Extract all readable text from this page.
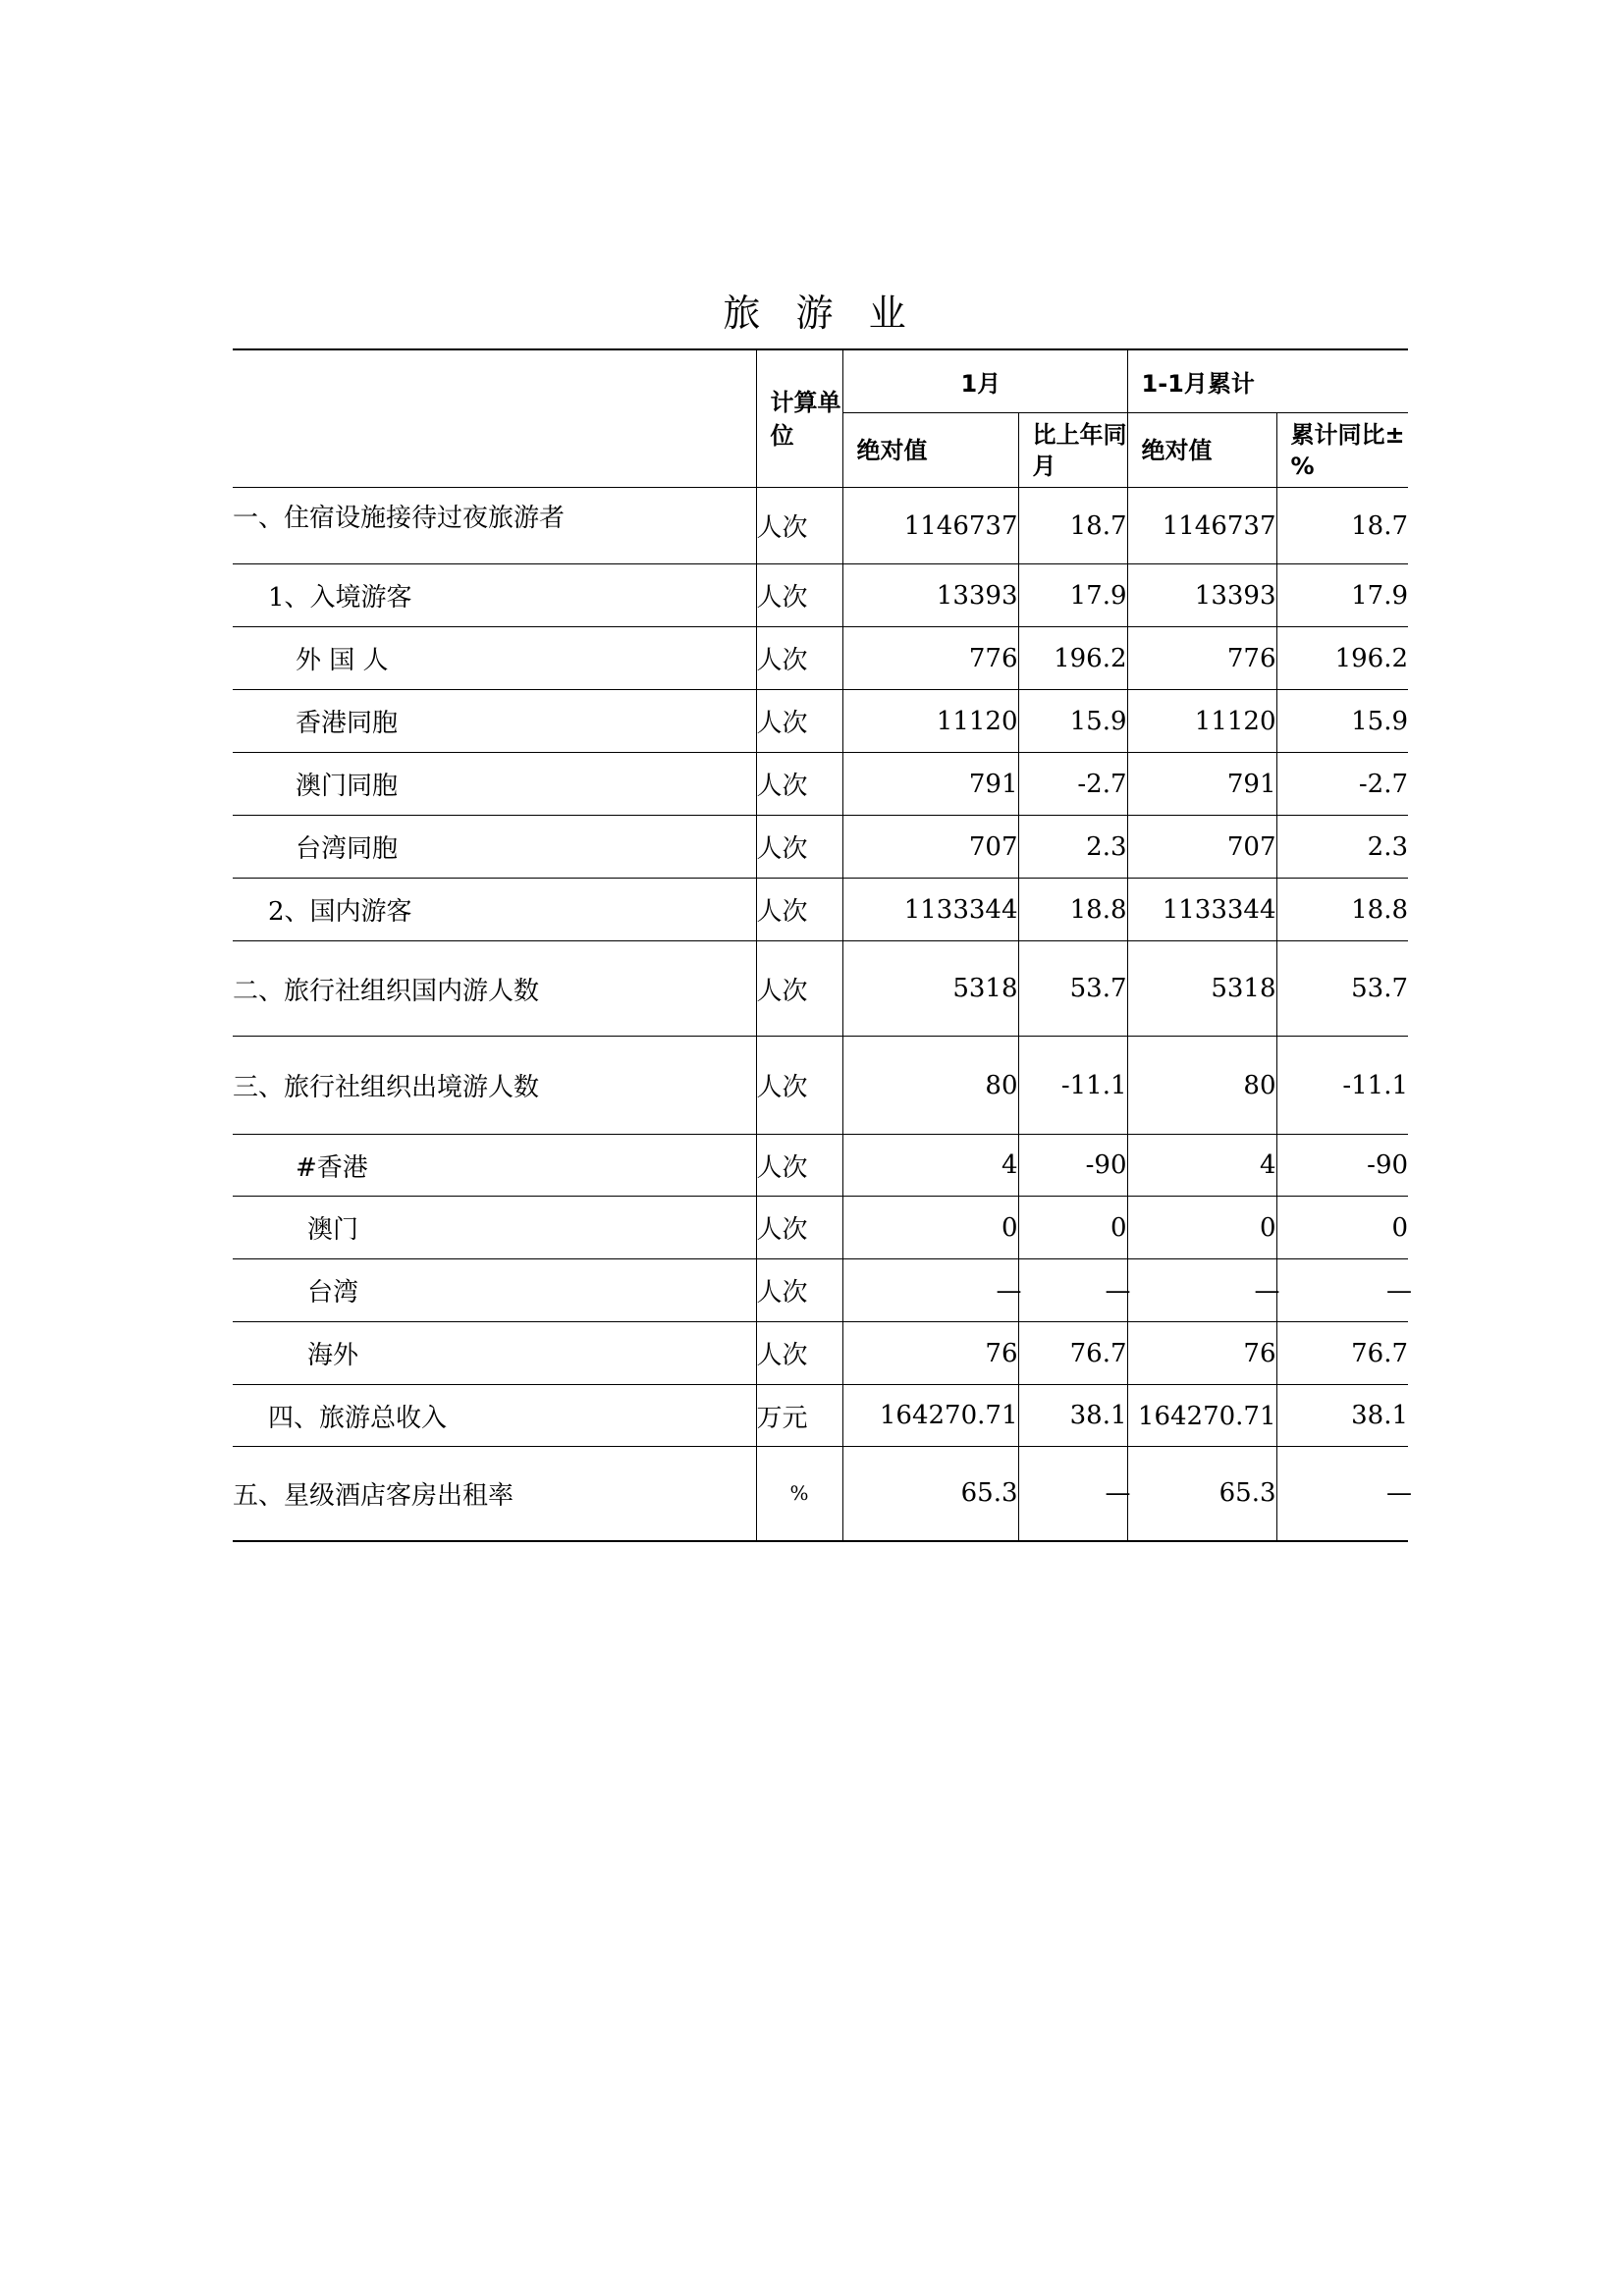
旅 游 业
	计算单位	1月		1-1月累计	
		绝对值	比上年同月	绝对值	累计同比±%
一、住宿设施接待过夜旅游者	人次	1146737	18.7	1146737	18.7
1、入境游客	人次	13393	17.9	13393	17.9
外 国 人	人次	776	196.2	776	196.2
香港同胞	人次	11120	15.9	11120	15.9
澳门同胞	人次	791	-2.7	791	-2.7
台湾同胞	人次	707	2.3	707	2.3
2、国内游客	人次	1133344	18.8	1133344	18.8
二、旅行社组织国内游人数	人次	5318	53.7	5318	53.7
三、旅行社组织出境游人数	人次	80	-11.1	80	-11.1
#香港	人次	4	-90	4	-90
澳门	人次	0	0	0	0
台湾	人次	—	—	—	—
海外	人次	76	76.7	76	76.7
四、旅游总收入	万元	164270.71	38.1	164270.71	38.1
五、星级酒店客房出租率	%	65.3	—	65.3	—
